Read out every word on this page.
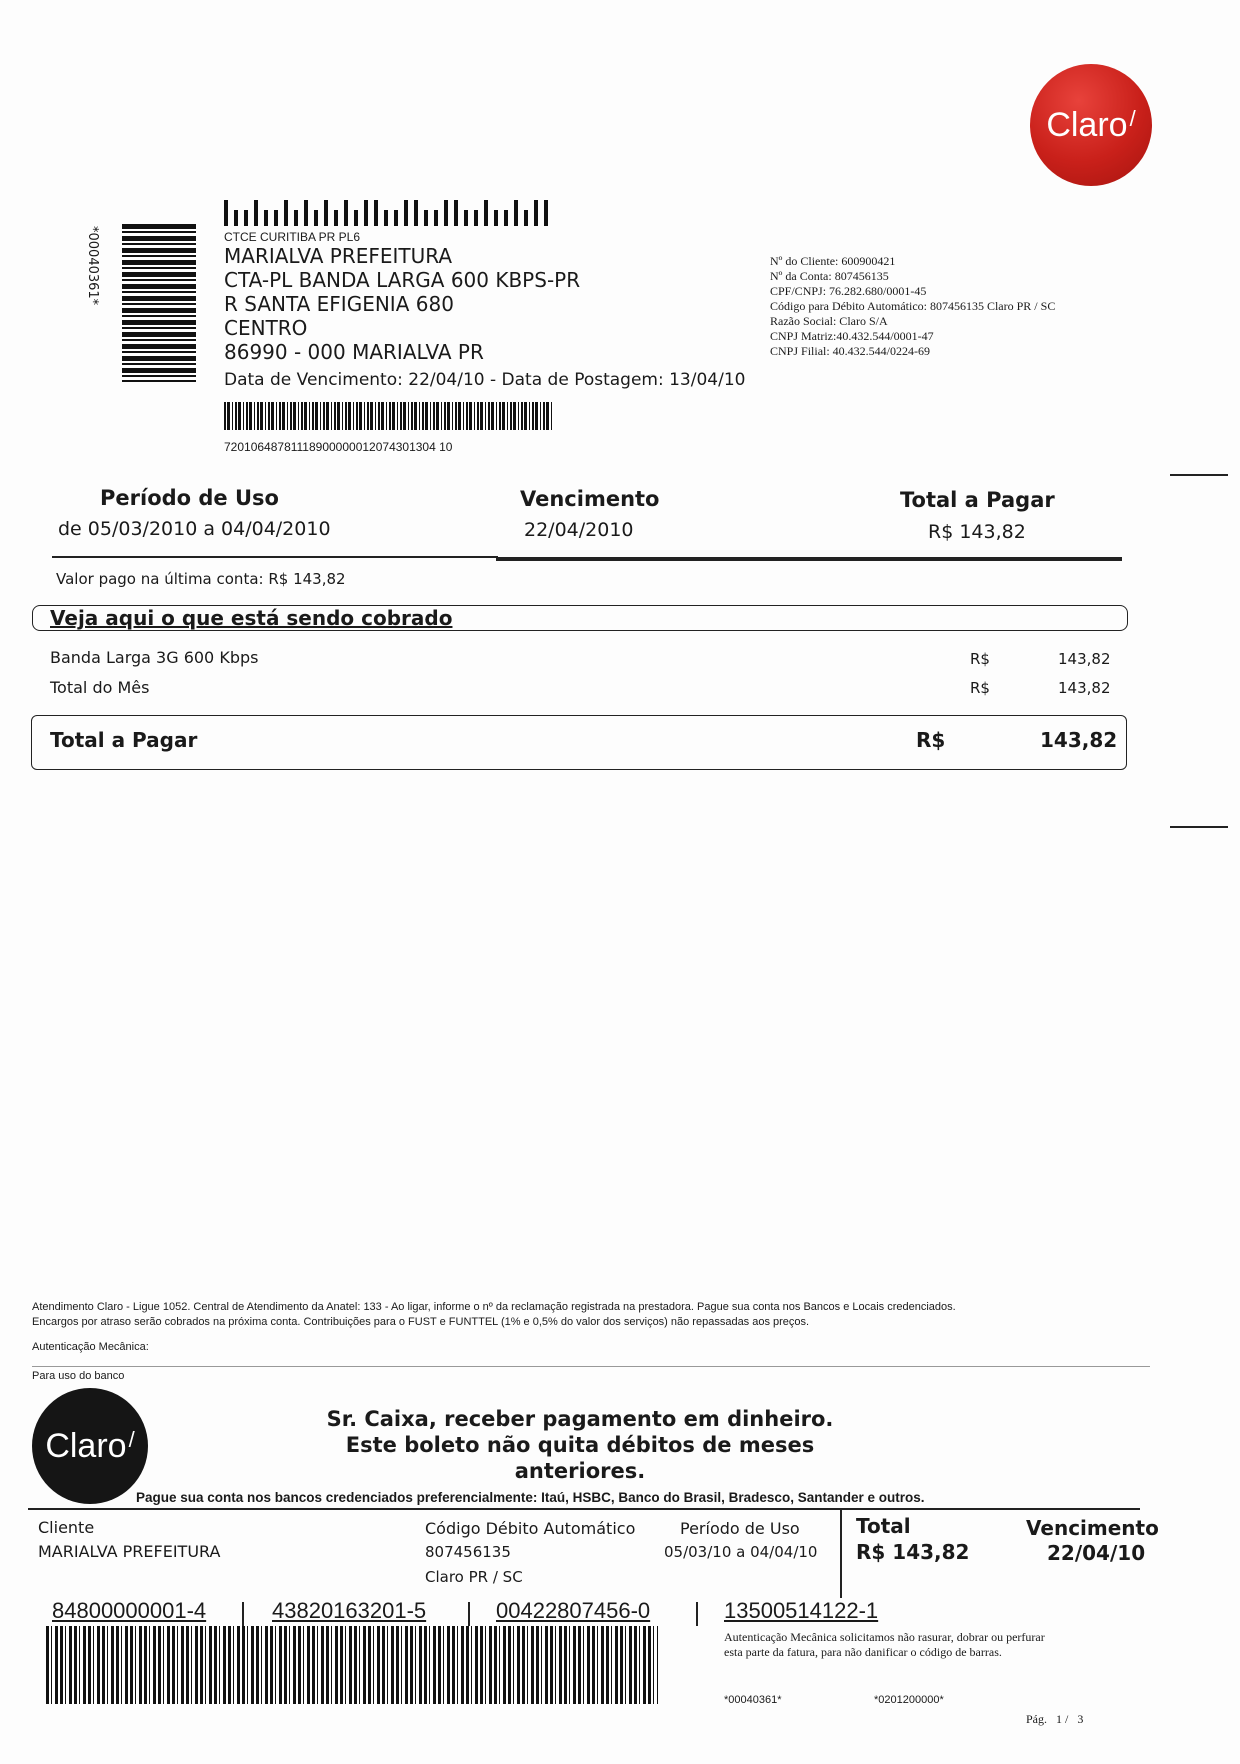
Claro /
*00040361*	CTCE CURITIBA PR PL6
MARIALVA PREFEITURA
CTA-PL BANDA LARGA 600 KBPS-PR
R SANTA EFIGENIA 680
CENTRO
86990 - 000 MARIALVA PR
Data de Vencimento: 22/04/10 - Data de Postagem: 13/04/10
72010648781118900000012074301304 10
Nº do Cliente: 600900421
Nº da Conta: 807456135
CPF/CNPJ: 76.282.680/0001-45
Código para Débito Automático: 807456135 Claro PR / SC
Razão Social: Claro S/A
CNPJ Matriz:40.432.544/0001-47
CNPJ Filial: 40.432.544/0224-69
Período de Uso
de 05/03/2010 a 04/04/2010
Vencimento
22/04/2010
Total a Pagar
R$ 143,82
Valor pago na última conta: R$ 143,82
Veja aqui o que está sendo cobrado
Banda Larga 3G 600 Kbps	R$	143,82
Total do Mês	R$	143,82
Total a Pagar	R$	143,82
Atendimento Claro - Ligue 1052. Central de Atendimento da Anatel: 133 - Ao ligar, informe o nº da reclamação registrada na prestadora. Pague sua conta nos Bancos e Locais credenciados.
Encargos por atraso serão cobrados na próxima conta. Contribuições para o FUST e FUNTTEL (1% e 0,5% do valor dos serviços) não repassadas aos preços.
Autenticação Mecânica:
Para uso do banco
Claro /
Sr. Caixa, receber pagamento em dinheiro.
Este boleto não quita débitos de meses anteriores.
Pague sua conta nos bancos credenciados preferencialmente: Itaú, HSBC, Banco do Brasil, Bradesco, Santander e outros.
Cliente
MARIALVA PREFEITURA
Código Débito Automático
807456135
Claro PR / SC
Período de Uso
05/03/10 a 04/04/10
Total
R$ 143,82
Vencimento
22/04/10
84800000001-4	43820163201-5	00422807456-0	13500514122-1
Autenticação Mecânica solicitamos não rasurar, dobrar ou perfurar
esta parte da fatura, para não danificar o código de barras.
*00040361*	*0201200000*
Pág.   1 /   3
